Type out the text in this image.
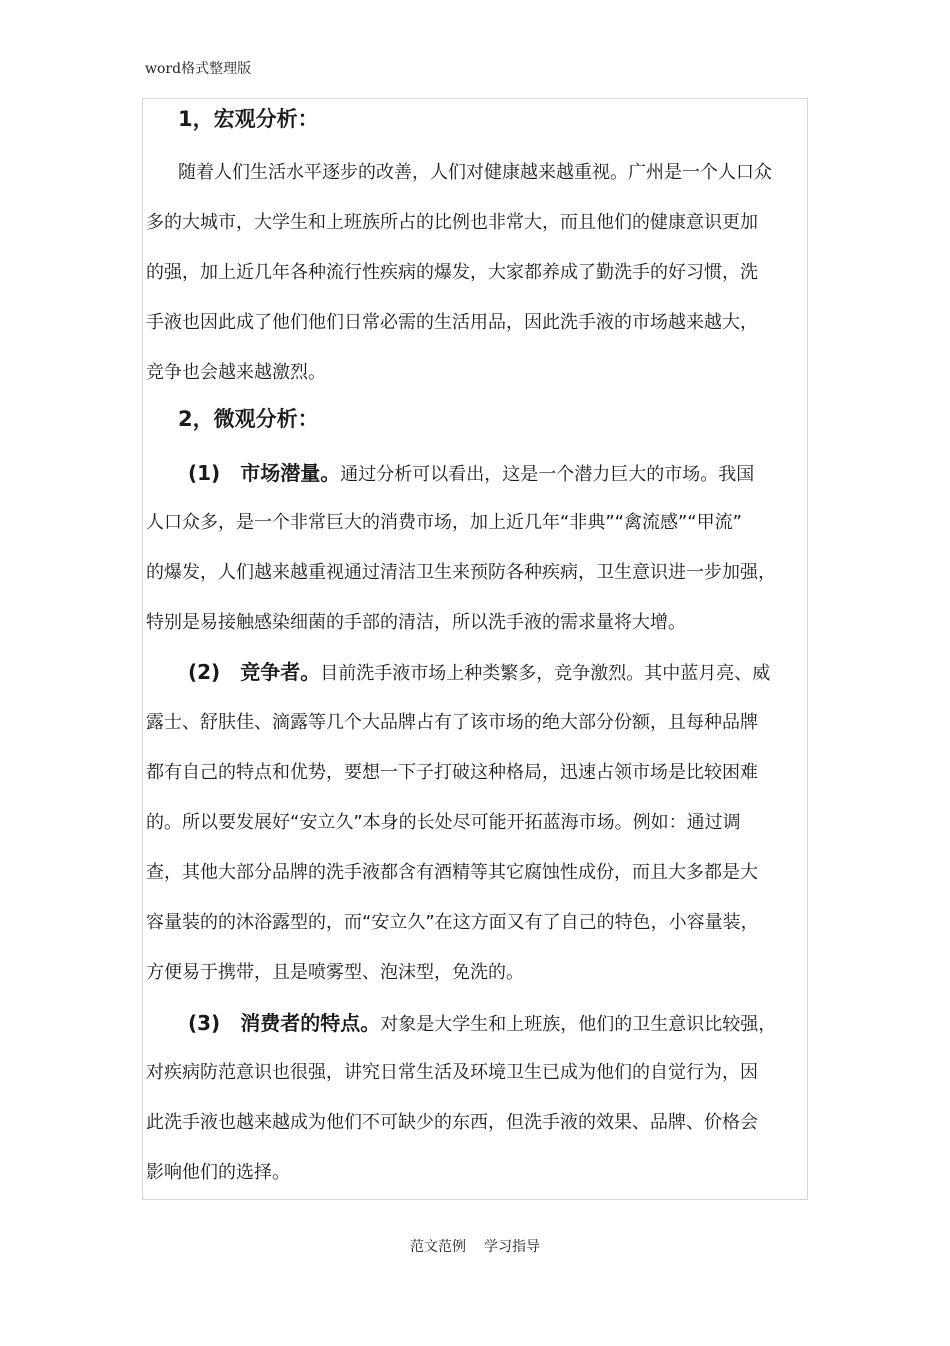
word格式整理版
1，宏观分析：
随着人们生活水平逐步的改善，人们对健康越来越重视。广州是一个人口众
多的大城市，大学生和上班族所占的比例也非常大，而且他们的健康意识更加
的强，加上近几年各种流行性疾病的爆发，大家都养成了勤洗手的好习惯，洗
手液也因此成了他们他们日常必需的生活用品，因此洗手液的市场越来越大，
竞争也会越来越激烈。
2，微观分析：
(1) 市场潜量。通过分析可以看出，这是一个潜力巨大的市场。我国
人口众多，是一个非常巨大的消费市场，加上近几年“非典”“禽流感”“甲流”
的爆发，人们越来越重视通过清洁卫生来预防各种疾病，卫生意识进一步加强，
特别是易接触感染细菌的手部的清洁，所以洗手液的需求量将大增。
(2) 竞争者。目前洗手液市场上种类繁多，竞争激烈。其中蓝月亮、威
露士、舒肤佳、滴露等几个大品牌占有了该市场的绝大部分份额，且每种品牌
都有自己的特点和优势，要想一下子打破这种格局，迅速占领市场是比较困难
的。所以要发展好“安立久”本身的长处尽可能开拓蓝海市场。例如：通过调
查，其他大部分品牌的洗手液都含有酒精等其它腐蚀性成份，而且大多都是大
容量装的的沐浴露型的，而“安立久”在这方面又有了自己的特色，小容量装，
方便易于携带，且是喷雾型、泡沫型，免洗的。
(3) 消费者的特点。对象是大学生和上班族，他们的卫生意识比较强，
对疾病防范意识也很强，讲究日常生活及环境卫生已成为他们的自觉行为，因
此洗手液也越来越成为他们不可缺少的东西，但洗手液的效果、品牌、价格会
影响他们的选择。
范文范例 学习指导
